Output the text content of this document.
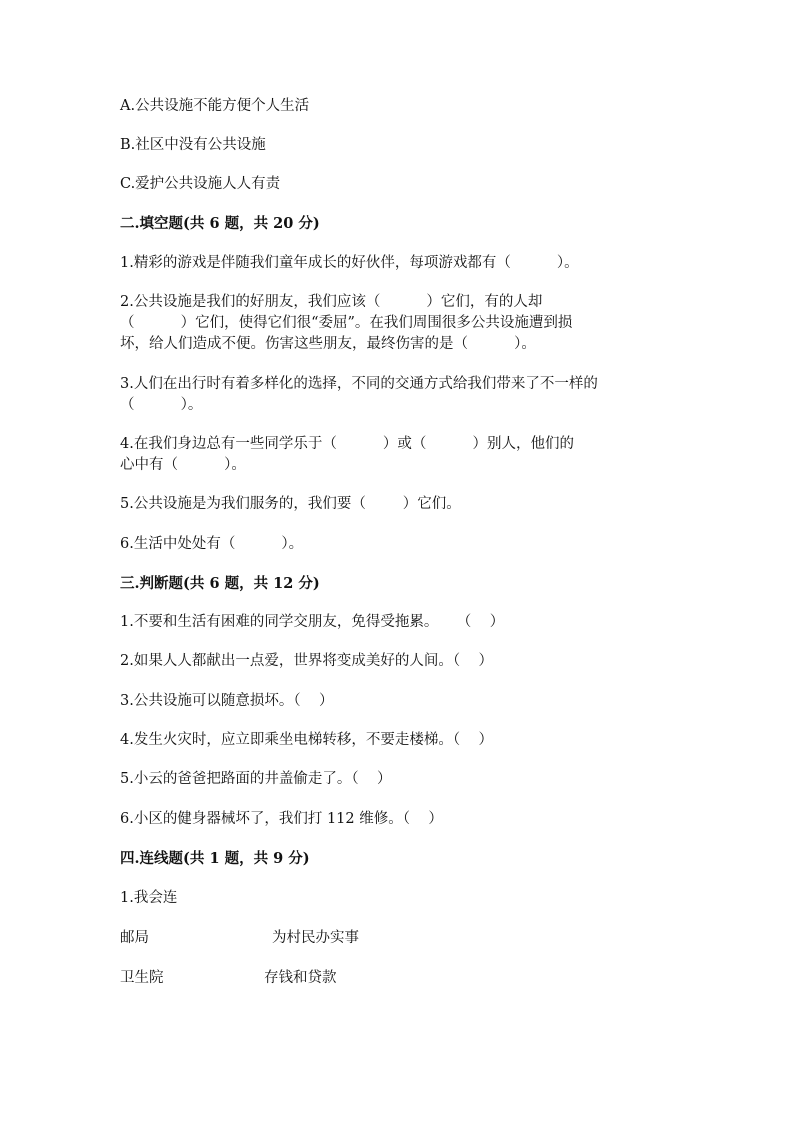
A.公共设施不能方便个人生活
B.社区中没有公共设施
C.爱护公共设施人人有责
二.填空题(共 6 题，共 20 分)
1.精彩的游戏是伴随我们童年成长的好伙伴，每项游戏都有（          ）。
2.公共设施是我们的好朋友，我们应该（          ）它们，有的人却
（          ）它们，使得它们很“委屈”。在我们周围很多公共设施遭到损
坏，给人们造成不便。伤害这些朋友，最终伤害的是（          ）。
3.人们在出行时有着多样化的选择，不同的交通方式给我们带来了不一样的
（          ）。
4.在我们身边总有一些同学乐于（          ）或（          ）别人，他们的
心中有（          ）。
5.公共设施是为我们服务的，我们要（        ）它们。
6.生活中处处有（          ）。
三.判断题(共 6 题，共 12 分)
1.不要和生活有困难的同学交朋友，免得受拖累。    （    ）
2.如果人人都献出一点爱，世界将变成美好的人间。（    ）
3.公共设施可以随意损坏。（    ）
4.发生火灾时，应立即乘坐电梯转移，不要走楼梯。（    ）
5.小云的爸爸把路面的井盖偷走了。（    ）
6.小区的健身器械坏了，我们打 112 维修。（    ）
四.连线题(共 1 题，共 9 分)
1.我会连
邮局	为村民办实事
卫生院	存钱和贷款
